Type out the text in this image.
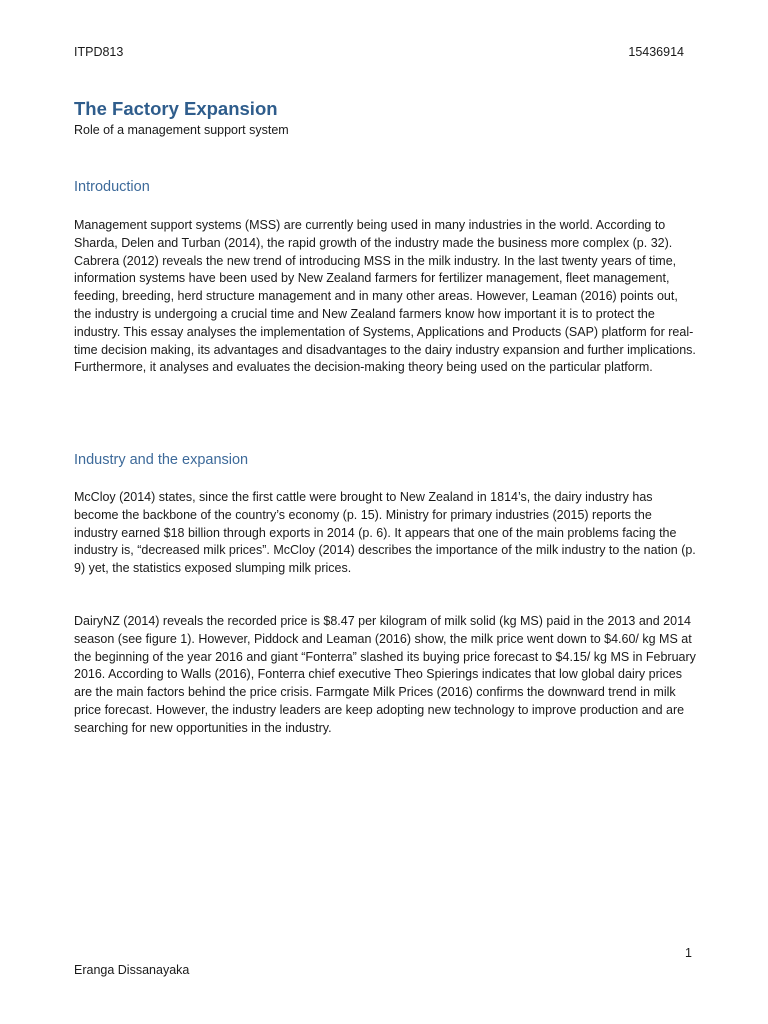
ITPD813	15436914
The Factory Expansion

Role of a management support system

Introduction

Management support systems (MSS) are currently being used in many industries in the world. According to Sharda, Delen and Turban (2014), the rapid growth of the industry made the business more complex (p. 32). Cabrera (2012) reveals the new trend of introducing MSS in the milk industry. In the last twenty years of time, information systems have been used by New Zealand farmers for fertilizer management, fleet management, feeding, breeding, herd structure management and in many other areas. However, Leaman (2016) points out, the industry is undergoing a crucial time and New Zealand farmers know how important it is to protect the industry. This essay analyses the implementation of Systems, Applications and Products (SAP) platform for real-time decision making, its advantages and disadvantages to the dairy industry expansion and further implications. Furthermore, it analyses and evaluates the decision-making theory being used on the particular platform.

Industry and the expansion

McCloy (2014) states, since the first cattle were brought to New Zealand in 1814’s, the dairy industry has become the backbone of the country’s economy (p. 15). Ministry for primary industries (2015) reports the industry earned $18 billion through exports in 2014 (p. 6). It appears that one of the main problems facing the industry is, “decreased milk prices”. McCloy (2014) describes the importance of the milk industry to the nation (p. 9) yet, the statistics exposed slumping milk prices.

DairyNZ (2014) reveals the recorded price is $8.47 per kilogram of milk solid (kg MS) paid in the 2013 and 2014 season (see figure 1). However, Piddock and Leaman (2016) show, the milk price went down to $4.60/ kg MS at the beginning of the year 2016 and giant “Fonterra” slashed its buying price forecast to $4.15/ kg MS in February 2016. According to Walls (2016), Fonterra chief executive Theo Spierings indicates that low global dairy prices are the main factors behind the price crisis. Farmgate Milk Prices (2016) confirms the downward trend in milk price forecast. However, the industry leaders are keep adopting new technology to improve production and are searching for new opportunities in the industry.

1
Eranga Dissanayaka
